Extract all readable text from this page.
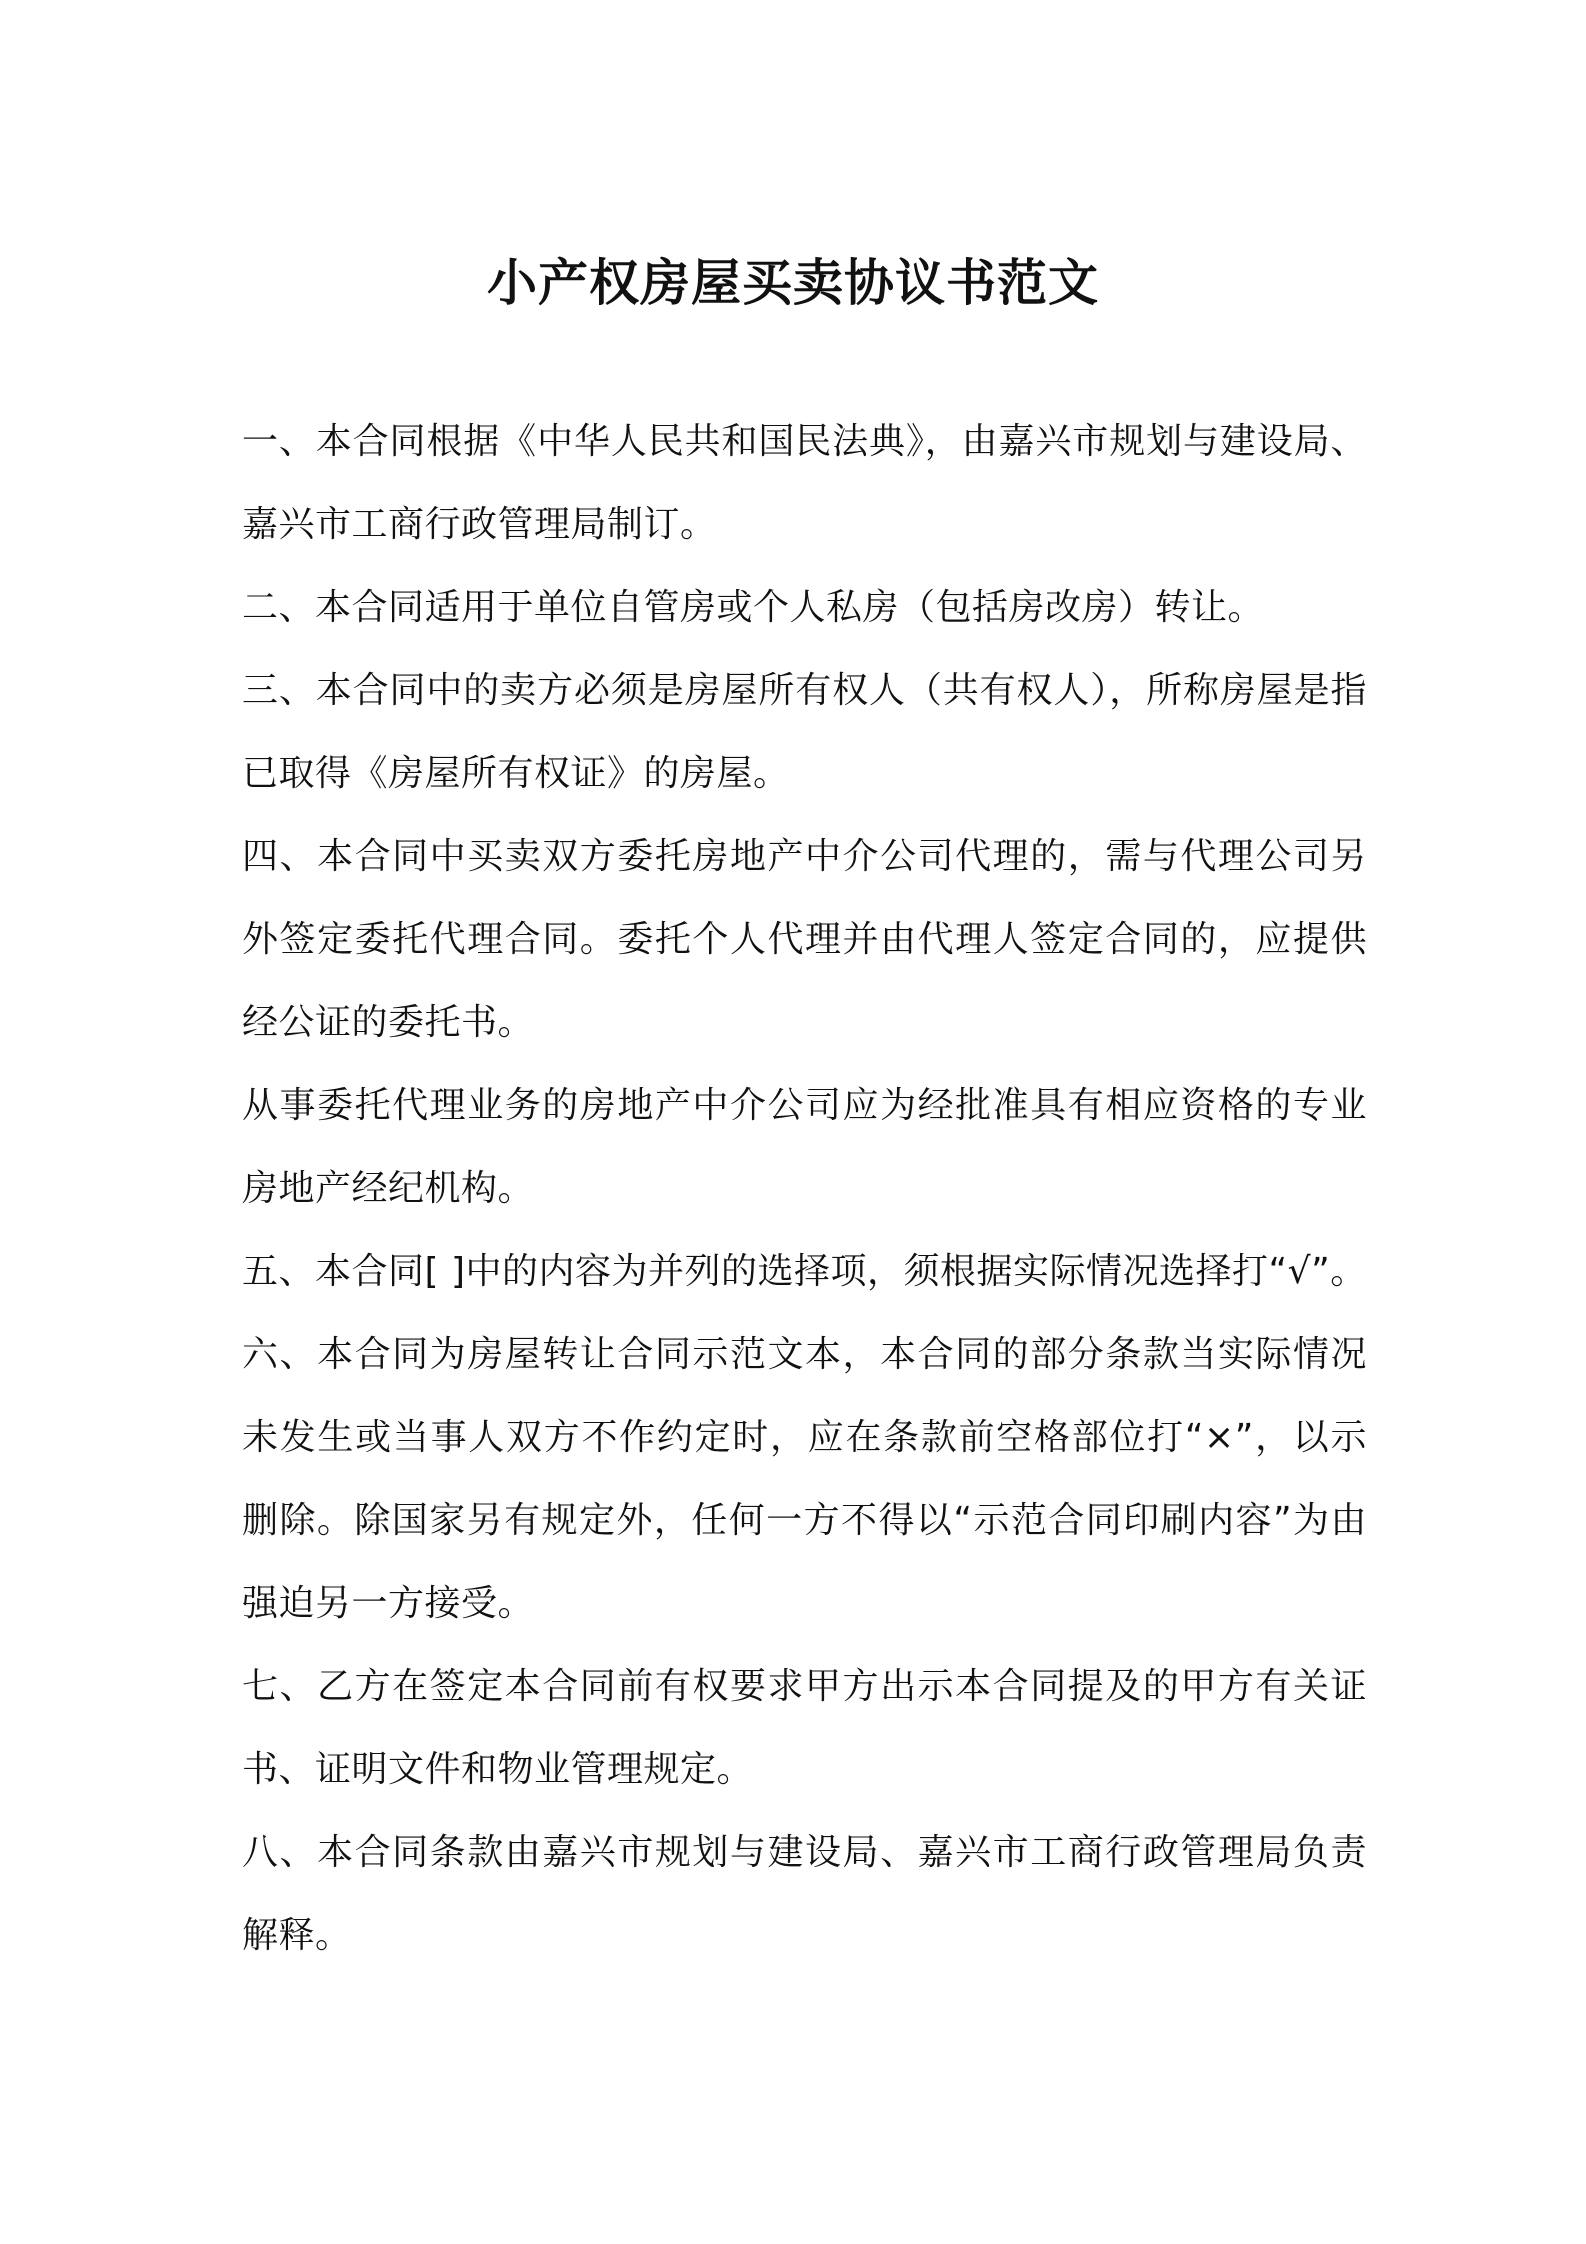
小产权房屋买卖协议书范文

一、本合同根据《中华人民共和国民法典》，由嘉兴市规划与建设局、嘉兴市工商行政管理局制订。

二、本合同适用于单位自管房或个人私房（包括房改房）转让。

三、本合同中的卖方必须是房屋所有权人（共有权人），所称房屋是指已取得《房屋所有权证》的房屋。

四、本合同中买卖双方委托房地产中介公司代理的，需与代理公司另外签定委托代理合同。委托个人代理并由代理人签定合同的，应提供经公证的委托书。

从事委托代理业务的房地产中介公司应为经批准具有相应资格的专业房地产经纪机构。

五、本合同[ ]中的内容为并列的选择项，须根据实际情况选择打“√”。

六、本合同为房屋转让合同示范文本，本合同的部分条款当实际情况未发生或当事人双方不作约定时，应在条款前空格部位打“×”，以示删除。除国家另有规定外，任何一方不得以“示范合同印刷内容”为由强迫另一方接受。

七、乙方在签定本合同前有权要求甲方出示本合同提及的甲方有关证书、证明文件和物业管理规定。

八、本合同条款由嘉兴市规划与建设局、嘉兴市工商行政管理局负责解释。
